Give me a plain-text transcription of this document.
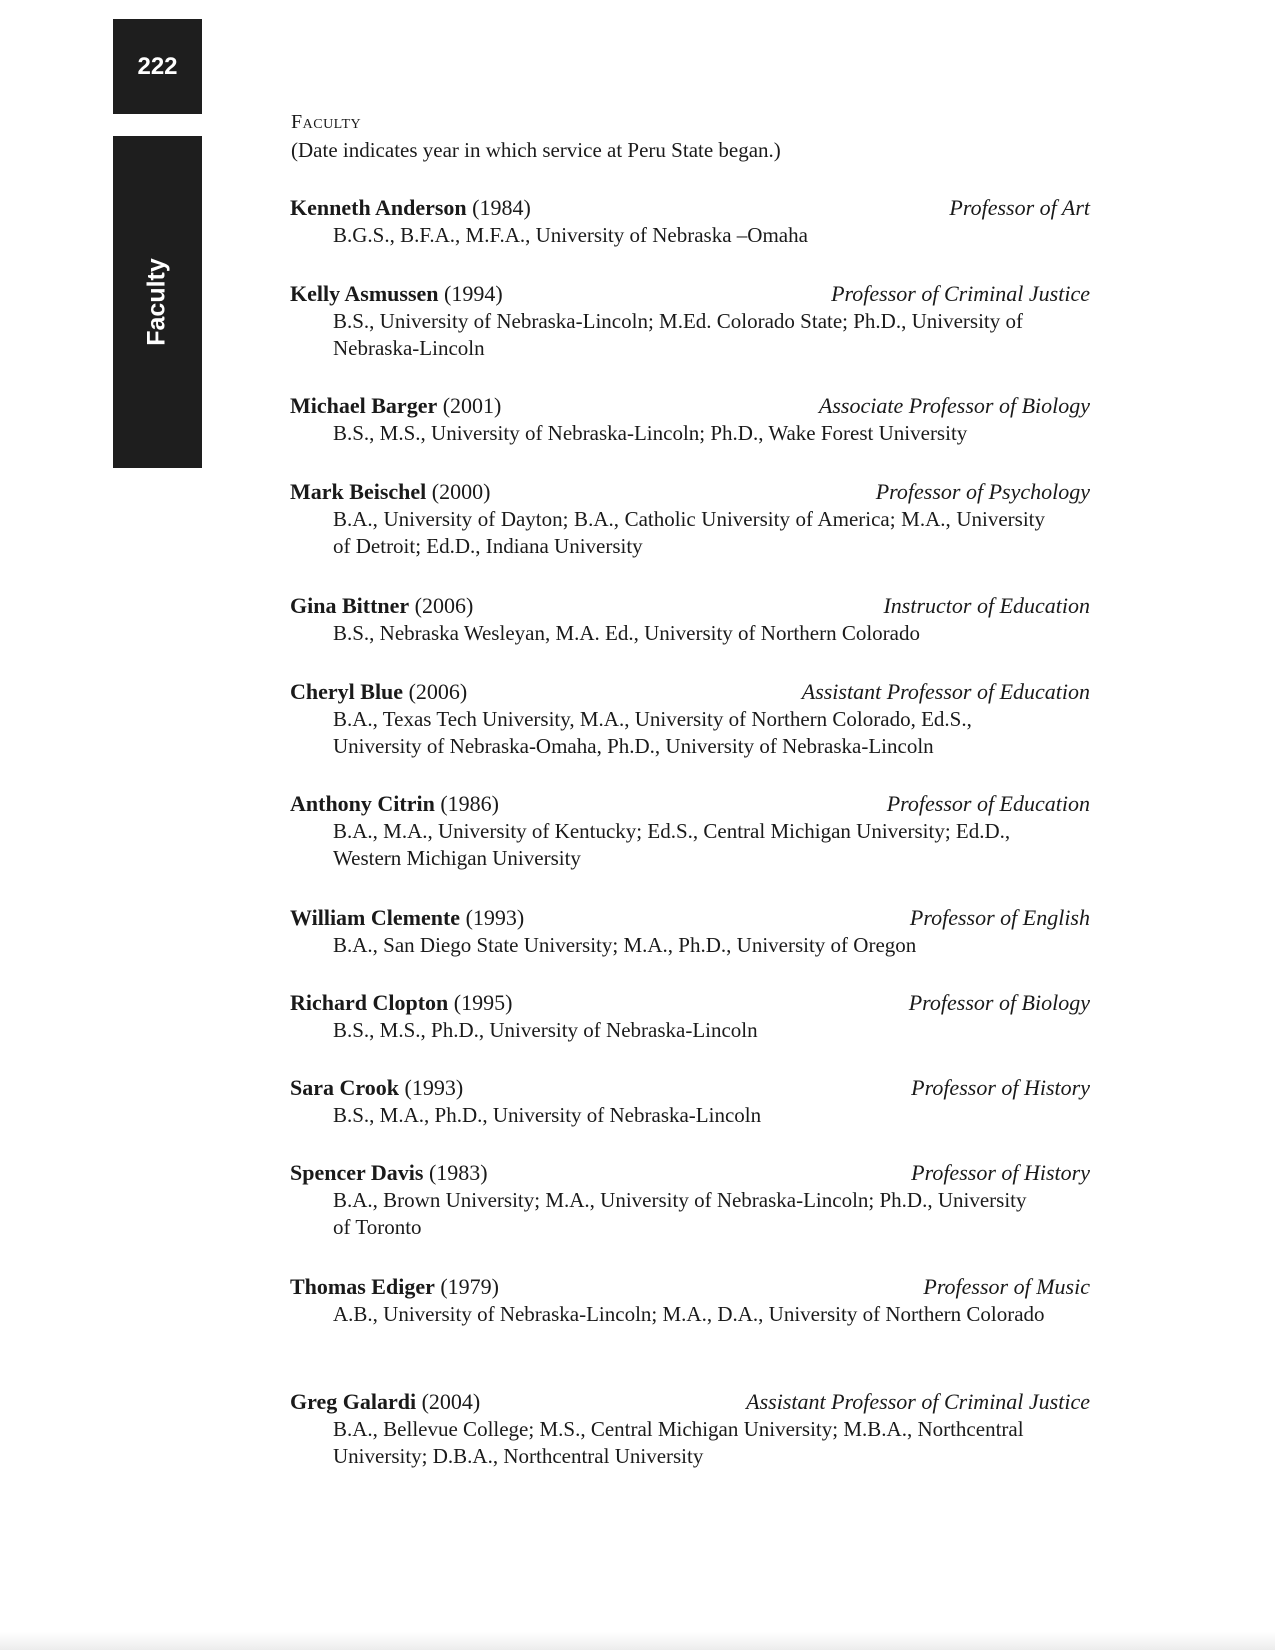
222
Faculty
Faculty
(Date indicates year in which service at Peru State began.)
Kenneth Anderson (1984)	Professor of Art
B.G.S., B.F.A., M.F.A., University of Nebraska –Omaha
Kelly Asmussen (1994)	Professor of Criminal Justice
B.S., University of Nebraska-Lincoln; M.Ed. Colorado State; Ph.D., University of Nebraska-Lincoln
Michael Barger (2001)	Associate Professor of Biology
B.S., M.S., University of Nebraska-Lincoln; Ph.D., Wake Forest University
Mark Beischel (2000)	Professor of Psychology
B.A., University of Dayton; B.A., Catholic University of America; M.A., University of Detroit; Ed.D., Indiana University
Gina Bittner (2006)	Instructor of Education
B.S., Nebraska Wesleyan, M.A. Ed., University of Northern Colorado
Cheryl Blue (2006)	Assistant Professor of Education
B.A., Texas Tech University, M.A., University of Northern Colorado, Ed.S., University of Nebraska-Omaha, Ph.D., University of Nebraska-Lincoln
Anthony Citrin (1986)	Professor of Education
B.A., M.A., University of Kentucky; Ed.S., Central Michigan University; Ed.D., Western Michigan University
William Clemente (1993)	Professor of English
B.A., San Diego State University; M.A., Ph.D., University of Oregon
Richard Clopton (1995)	Professor of Biology
B.S., M.S., Ph.D., University of Nebraska-Lincoln
Sara Crook (1993)	Professor of History
B.S., M.A., Ph.D., University of Nebraska-Lincoln
Spencer Davis (1983)	Professor of History
B.A., Brown University; M.A., University of Nebraska-Lincoln; Ph.D., University of Toronto
Thomas Ediger (1979)	Professor of Music
A.B., University of Nebraska-Lincoln; M.A., D.A., University of Northern Colorado
Greg Galardi (2004)	Assistant Professor of Criminal Justice
B.A., Bellevue College; M.S., Central Michigan University; M.B.A., Northcentral University; D.B.A., Northcentral University
